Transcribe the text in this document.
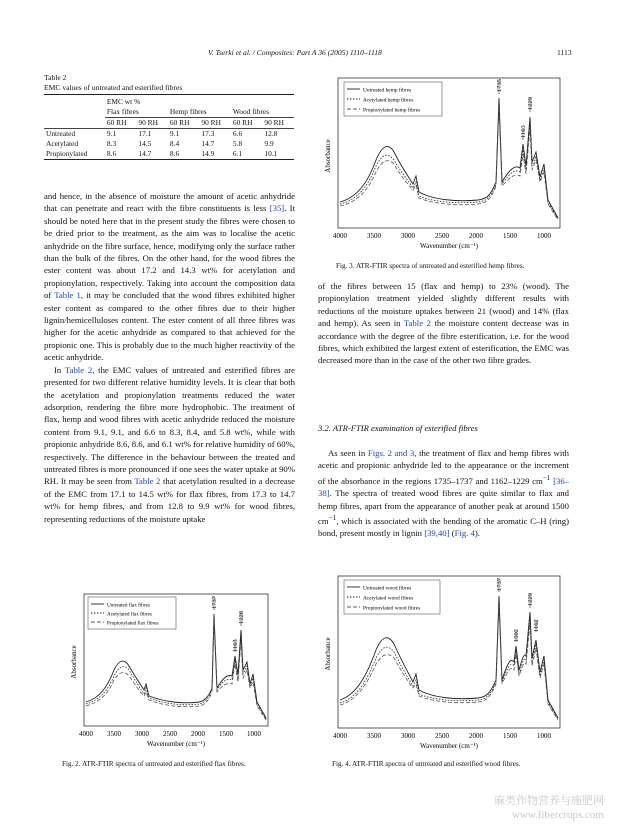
V. Tserki et al. / Composites: Part A 36 (2005) 1110–1118	1113
Table 2
EMC values of untreated and esterified fibres
	EMC wt %					
	Flax fibres		Hemp fibres		Wood fibres	
	60 RH	90 RH	60 RH	90 RH	60 RH	90 RH
Untreated	9.1	17.1	9.1	17.3	6.6	12.8
Acetylated	8.3	14.5	8.4	14.7	5.8	9.9
Propionylated	8.6	14.7	8.6	14.9	6.1	10.1

and hence, in the absence of moisture the amount of acetic anhydride that can penetrate and react with the fibre constituents is less [35]. It should be noted here that in the present study the fibres were chosen to be dried prior to the treatment, as the aim was to localise the acetic anhydride on the fibre surface, hence, modifying only the surface rather than the bulk of the fibres. On the other hand, for the wood fibres the ester content was about 17.2 and 14.3 wt% for acetylation and propionylation, respectively. Taking into account the composition data of Table 1, it may be concluded that the wood fibres exhibited higher ester content as compared to the other fibres due to their higher lignin/hemicelluloses content. The ester content of all three fibres was higher for the acetic anhydride as compared to that achieved for the propionic one. This is probably due to the much higher reactivity of the acetic anhydride.

In Table 2, the EMC values of untreated and esterified fibres are presented for two different relative humidity levels. It is clear that both the acetylation and propionylation treatments reduced the water adsorption, rendering the fibre more hydrophobic. The treatment of flax, hemp and wood fibres with acetic anhydride reduced the moisture content from 9.1, 9.1, and 6.6 to 8.3, 8.4, and 5.8 wt%, while with propionic anhydride 8.6, 8.6, and 6.1 wt% for relative humidity of 60%, respectively. The difference in the behaviour between the treated and untreated fibres is more pronounced if one sees the water uptake at 90% RH. It may be seen from Table 2 that acetylation resulted in a decrease of the EMC from 17.1 to 14.5 wt% for flax fibres, from 17.3 to 14.7 wt% for hemp fibres, and from 12.8 to 9.9 wt% for wood fibres, representing reductions of the moisture uptake

of the fibres between 15 (flax and hemp) to 23% (wood). The propionylation treatment yielded slightly different results with reductions of the moisture uptakes between 21 (wood) and 14% (flax and hemp). As seen in Table 2 the moisture content decrease was in accordance with the degree of the fibre esterification, i.e. for the wood fibres, which exhibited the largest extent of esterification, the EMC was decreased more than in the case of the other two fibre grades.

3.2. ATR-FTIR examination of esterified fibres

As seen in Figs. 2 and 3, the treatment of flax and hemp fibres with acetic and propionic anhydride led to the appearance or the increment of the absorbance in the regions 1735–1737 and 1162–1229 $cm^{-1}$ [36–38]. The spectra of treated wood fibres are quite similar to flax and hemp fibres, apart from the appearance of another peak at around 1500 $cm^{-1}$, which is associated with the bending of the aromatic C–H (ring) bond, present mostly in lignin [39,40] (Fig. 4).

Untreated hemp fibres
Acetylated hemp fibres
Propionylated hemp fibres
1735
1229
1163
Absorbance
4000	3500	3000	2500	2000	1500	1000
Wavenumber (cm⁻¹)
Fig. 3. ATR-FTIR spectra of untreated and esterified hemp fibres.
Untreated flax fibres
Acetylated flax fibres
Propionylated flax fibres
1737
1228
1163
Absorbance
4000 3500 3000 2500 2000 1500 1000
Wavenumber (cm⁻¹)
Fig. 2. ATR-FTIR spectra of untreated and esterified flax fibres.
Untreated wood fibres
Acetylated wood fibres
Propionylated wood fibres
1737
1229
1162
1502
Absorbance
4000	3500	3000	2500	2000	1500	1000
Wavenumber (cm⁻¹)
Fig. 4. ATR-FTIR spectra of untreated and esterified wood fibres.
麻类作物营养与施肥网
www.fibercrops.com
